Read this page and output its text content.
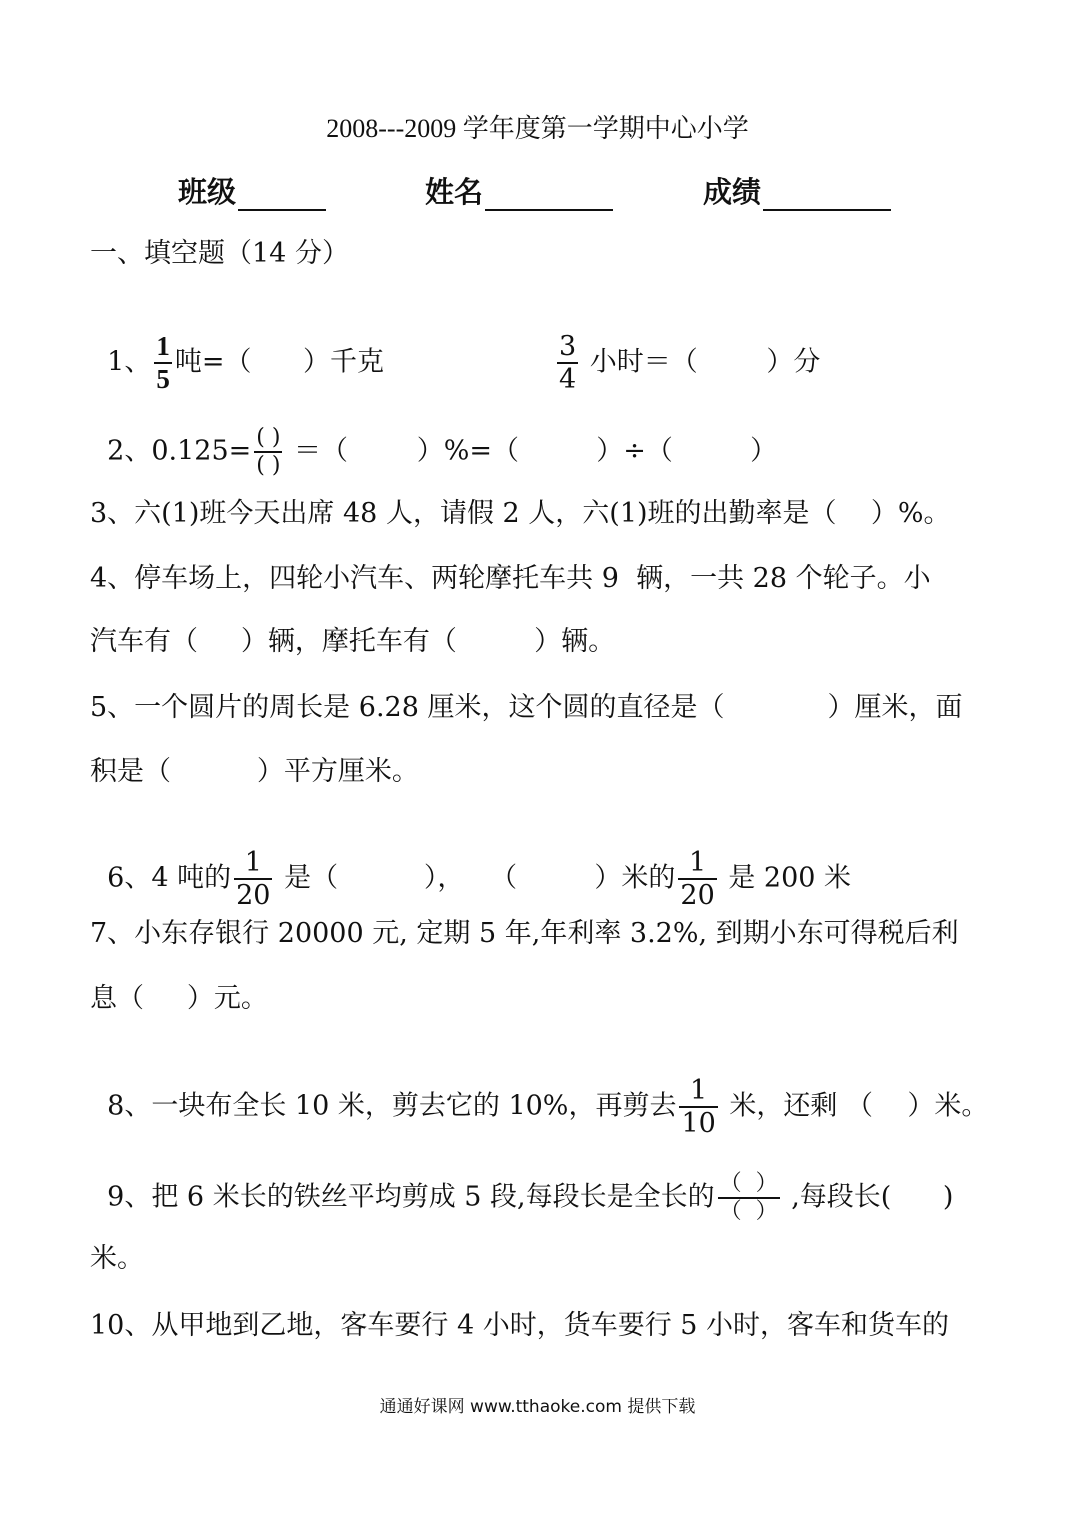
2008---2009 学年度第一学期中心小学
班级	姓名	成绩
一、填空题（14 分）

1、 $\frac{1}{5}$ 吨=（      ）千克	$\frac{3}{4}$ 小时＝（        ）分

2、$0.125= \frac{( )}{( )}$ ＝（        ）%=（         ）÷（         ）

3、六(1)班今天出席 48 人，请假 2 人，六(1)班的出勤率是（    ）%。
4、停车场上，四轮小汽车、两轮摩托车共 9  辆，一共 28 个轮子。小
汽车有（     ）辆，摩托车有（         ）辆。
5、一个圆片的周长是 6.28 厘米，这个圆的直径是（            ）厘米，面
积是（          ）平方厘米。

6、4 吨的 $\frac{1}{20}$ 是（          ），   （         ）米的 $\frac{1}{20}$ 是 200 米

7、小东存银行 20000 元, 定期 5 年,年利率 3.2%, 到期小东可得税后利
息（     ）元。

8、一块布全长 10 米，剪去它的 10%，再剪去 $\frac{1}{10}$ 米，还剩 （    ）米。

9、把 6 米长的铁丝平均剪成 5 段,每段长是全长的 $\frac{( )}{( )}$ ,每段长(      )

米。
10、从甲地到乙地，客车要行 4 小时，货车要行 5 小时，客车和货车的
通通好课网 www.tthaoke.com 提供下载
